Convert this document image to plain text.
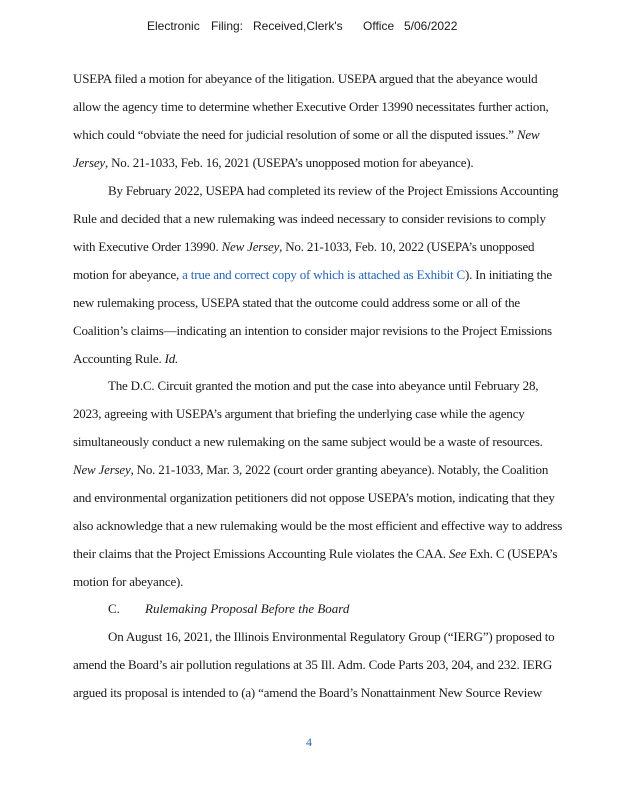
Electronic Filing: Received,Clerk's Office 5/06/2022
USEPA filed a motion for abeyance of the litigation. USEPA argued that the abeyance would
allow the agency time to determine whether Executive Order 13990 necessitates further action,
which could “obviate the need for judicial resolution of some or all the disputed issues.” New
Jersey, No. 21-1033, Feb. 16, 2021 (USEPA’s unopposed motion for abeyance).
By February 2022, USEPA had completed its review of the Project Emissions Accounting
Rule and decided that a new rulemaking was indeed necessary to consider revisions to comply
with Executive Order 13990. New Jersey, No. 21-1033, Feb. 10, 2022 (USEPA’s unopposed
motion for abeyance, a true and correct copy of which is attached as Exhibit C). In initiating the
new rulemaking process, USEPA stated that the outcome could address some or all of the
Coalition’s claims—indicating an intention to consider major revisions to the Project Emissions
Accounting Rule. Id.
The D.C. Circuit granted the motion and put the case into abeyance until February 28,
2023, agreeing with USEPA’s argument that briefing the underlying case while the agency
simultaneously conduct a new rulemaking on the same subject would be a waste of resources.
New Jersey, No. 21-1033, Mar. 3, 2022 (court order granting abeyance). Notably, the Coalition
and environmental organization petitioners did not oppose USEPA’s motion, indicating that they
also acknowledge that a new rulemaking would be the most efficient and effective way to address
their claims that the Project Emissions Accounting Rule violates the CAA. See Exh. C (USEPA’s
motion for abeyance).
C. Rulemaking Proposal Before the Board
On August 16, 2021, the Illinois Environmental Regulatory Group (“IERG”) proposed to
amend the Board’s air pollution regulations at 35 Ill. Adm. Code Parts 203, 204, and 232. IERG
argued its proposal is intended to (a) “amend the Board’s Nonattainment New Source Review
4
